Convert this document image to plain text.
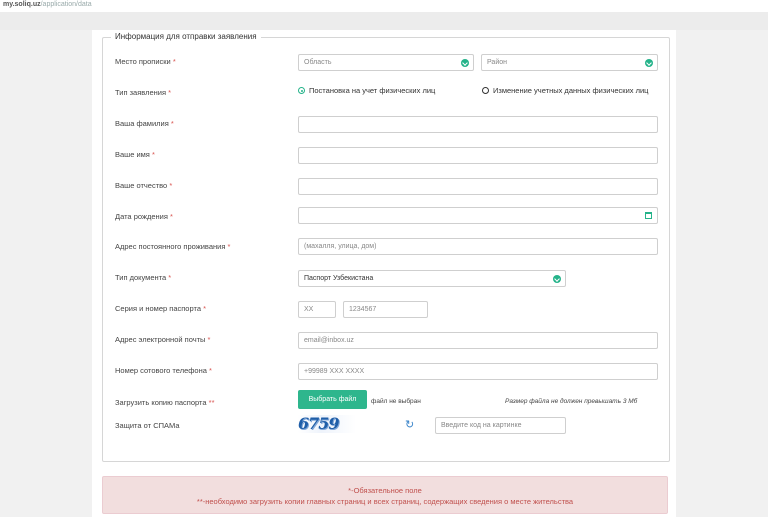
my.soliq.uz/application/data
Информация для отправки заявления
Место прописки *	Область	Район
Тип заявления *	Постановка на учет физических лиц	Изменение учетных данных физических лиц
Ваша фамилия *
Ваше имя *
Ваше отчество *
Дата рождения *
Адрес постоянного проживания *	(махалля, улица, дом)
Тип документа *	Паспорт Узбекистана
Серия и номер паспорта *	XX	1234567
Адрес электронной почты *	email@inbox.uz
Номер сотового телефона *	+99989 XXX XXXX
Загрузить копию паспорта **	Выбрать файл	файл не выбран	Размер файла не должен превышать 3 Мб
Защита от СПАМа	6759	↻	Введите код на картинке
*-Обязательное поле
**-необходимо загрузить копии главных страниц и всех страниц, содержащих сведения о месте жительства
